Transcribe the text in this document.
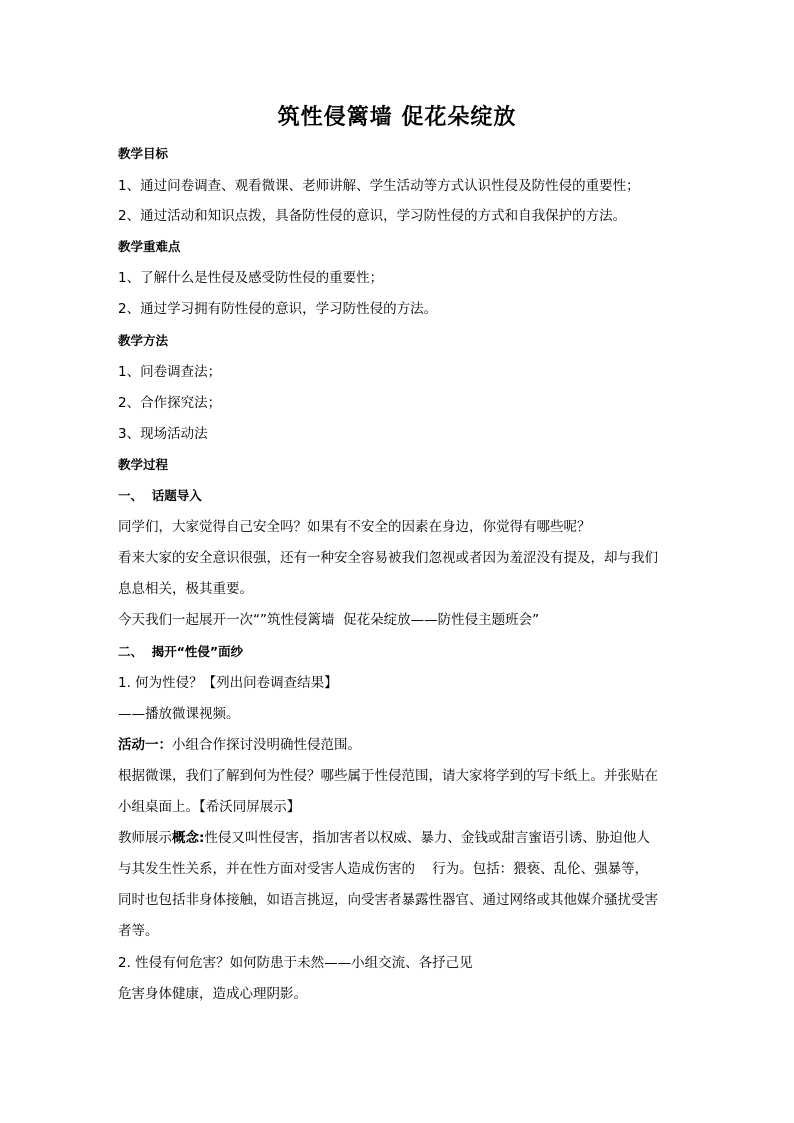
筑性侵篱墙 促花朵绽放
教学目标
1、通过问卷调查、观看微课、老师讲解、学生活动等方式认识性侵及防性侵的重要性；
2、通过活动和知识点拨，具备防性侵的意识，学习防性侵的方式和自我保护的方法。
教学重难点
1、了解什么是性侵及感受防性侵的重要性；
2、通过学习拥有防性侵的意识，学习防性侵的方法。
教学方法
1、问卷调查法；
2、合作探究法；
3、现场活动法
教学过程
一、  话题导入
同学们，大家觉得自己安全吗？如果有不安全的因素在身边，你觉得有哪些呢？
看来大家的安全意识很强，还有一种安全容易被我们忽视或者因为羞涩没有提及，却与我们
息息相关，极其重要。
今天我们一起展开一次“”筑性侵篱墙  促花朵绽放——防性侵主题班会”
二、  揭开“性侵”面纱
1. 何为性侵？【列出问卷调查结果】
——播放微课视频。
活动一：小组合作探讨没明确性侵范围。
根据微课，我们了解到何为性侵？哪些属于性侵范围，请大家将学到的写卡纸上。并张贴在
小组桌面上。【希沃同屏展示】
教师展示概念:性侵又叫性侵害，指加害者以权威、暴力、金钱或甜言蜜语引诱、胁迫他人
与其发生性关系，并在性方面对受害人造成伤害的    行为。包括：猥亵、乱伦、强暴等，
同时也包括非身体接触，如语言挑逗，向受害者暴露性器官、通过网络或其他媒介骚扰受害
者等。
2. 性侵有何危害？如何防患于未然——小组交流、各抒己见
危害身体健康，造成心理阴影。
